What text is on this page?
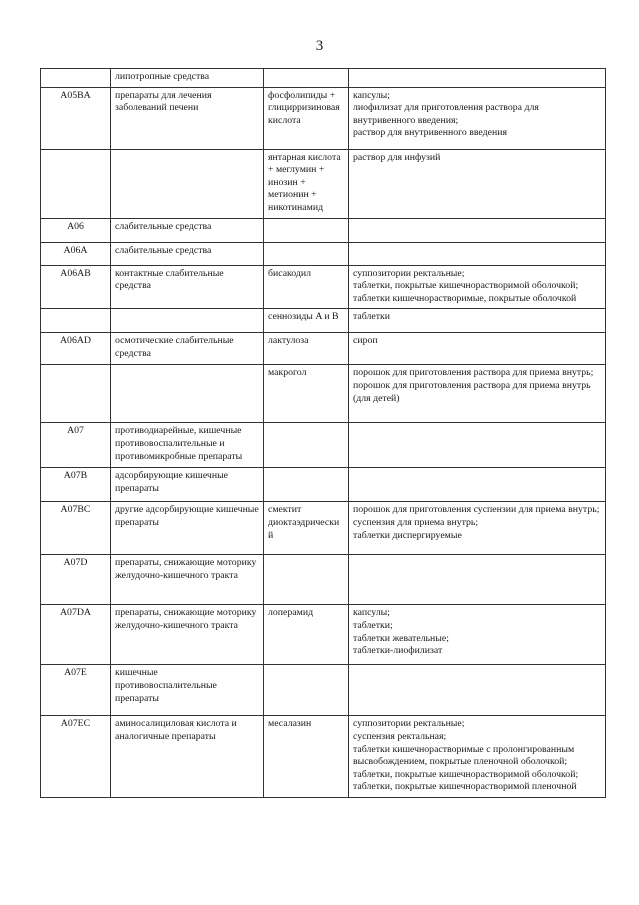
3
	липотропные средства		
A05BA	препараты для лечения заболеваний печени	фосфолипиды + глицирризиновая кислота	капсулы;
лиофилизат для приготовления раствора для внутривенного введения;
раствор для внутривенного введения

		янтарная кислота + меглумин + инозин + метионин + никотинамид	раствор для инфузий

A06	слабительные средства		
A06A	слабительные средства		
A06AB	контактные слабительные средства	бисакодил	суппозитории ректальные;
таблетки, покрытые кишечнорастворимой оболочкой;
таблетки кишечнорастворимые, покрытые оболочкой

		сеннозиды A и B	таблетки

A06AD	осмотические слабительные средства	лактулоза	сироп

		макрогол	порошок для приготовления раствора для приема внутрь;
порошок для приготовления раствора для приема внутрь (для детей)

A07	противодиарейные, кишечные противовоспалительные и противомикробные препараты		
A07B	адсорбирующие кишечные препараты		
A07BC	другие адсорбирующие кишечные препараты	смектит диоктаэдрический	порошок для приготовления суспензии для приема внутрь;
суспензия для приема внутрь;
таблетки диспергируемые

A07D	препараты, снижающие моторику желудочно-кишечного тракта		
A07DA	препараты, снижающие моторику желудочно-кишечного тракта	лоперамид	капсулы;
таблетки;
таблетки жевательные;
таблетки-лиофилизат

A07E	кишечные противовоспалительные препараты		
A07EC	аминосалициловая кислота и аналогичные препараты	месалазин	суппозитории ректальные;
суспензия ректальная;
таблетки кишечнорастворимые с пролонгированным высвобождением, покрытые пленочной оболочкой;
таблетки, покрытые кишечнорастворимой оболочкой;
таблетки, покрытые кишечнорастворимой пленочной
